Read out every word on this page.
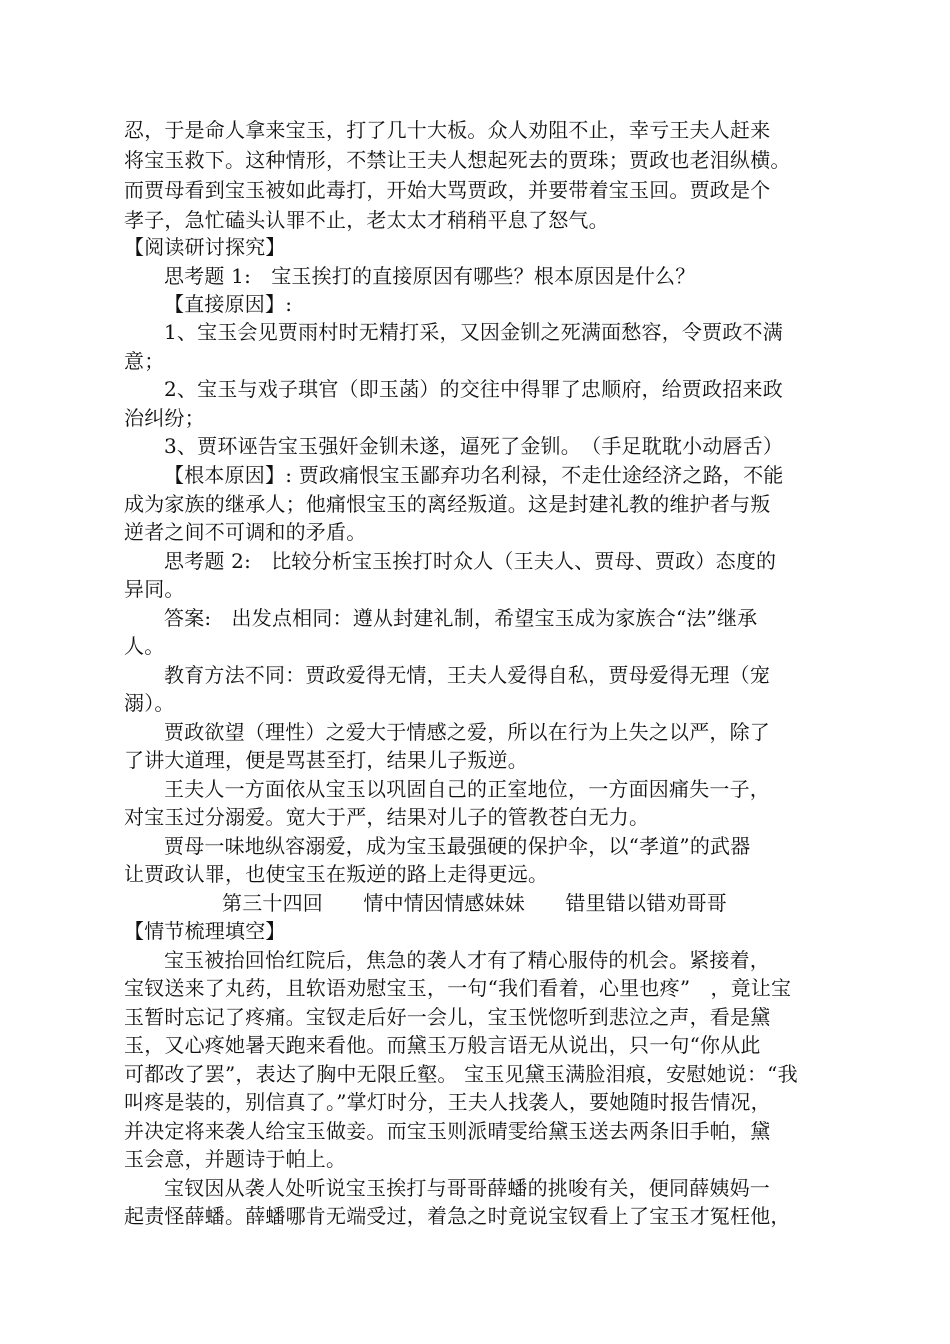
忍，于是命人拿来宝玉，打了几十大板。众人劝阻不止，幸亏王夫人赶来
将宝玉救下。这种情形，不禁让王夫人想起死去的贾珠；贾政也老泪纵横。
而贾母看到宝玉被如此毒打，开始大骂贾政，并要带着宝玉回。贾政是个
孝子，急忙磕头认罪不止，老太太才稍稍平息了怒气。
【阅读研讨探究】
思考题 1:　宝玉挨打的直接原因有哪些？根本原因是什么？
【直接原因】:
1、宝玉会见贾雨村时无精打采，又因金钏之死满面愁容，令贾政不满
意；
2、宝玉与戏子琪官（即玉菡）的交往中得罪了忠顺府，给贾政招来政
治纠纷；
3、贾环诬告宝玉强奸金钏未遂，逼死了金钏。　（手足耽耽小动唇舌）
【根本原因】: 贾政痛恨宝玉鄙弃功名利禄，不走仕途经济之路，不能
成为家族的继承人；他痛恨宝玉的离经叛道。这是封建礼教的维护者与叛
逆者之间不可调和的矛盾。
思考题 2:　比较分析宝玉挨打时众人（王夫人、贾母、贾政）态度的
异同。
答案:　出发点相同：遵从封建礼制，希望宝玉成为家族合“法”继承
人。
教育方法不同：贾政爱得无情，王夫人爱得自私，贾母爱得无理（宠
溺）。
贾政欲望（理性）之爱大于情感之爱，所以在行为上失之以严，除了
了讲大道理，便是骂甚至打，结果儿子叛逆。
王夫人一方面依从宝玉以巩固自己的正室地位，一方面因痛失一子，
对宝玉过分溺爱。宽大于严，结果对儿子的管教苍白无力。
贾母一味地纵容溺爱，成为宝玉最强硬的保护伞，以“孝道”的武器
让贾政认罪，也使宝玉在叛逆的路上走得更远。
第三十四回　　情中情因情感妹妹　　错里错以错劝哥哥
【情节梳理填空】
宝玉被抬回怡红院后，焦急的袭人才有了精心服侍的机会。紧接着，
宝钗送来了丸药，且软语劝慰宝玉，一句“我们看着，心里也疼”　，竟让宝
玉暂时忘记了疼痛。宝钗走后好一会儿，宝玉恍惚听到悲泣之声，看是黛
玉，又心疼她暑天跑来看他。而黛玉万般言语无从说出，只一句“你从此
可都改了罢”，表达了胸中无限丘壑。 宝玉见黛玉满脸泪痕，安慰她说：“我
叫疼是装的，别信真了。”掌灯时分，王夫人找袭人，要她随时报告情况，
并决定将来袭人给宝玉做妾。而宝玉则派晴雯给黛玉送去两条旧手帕，黛
玉会意，并题诗于帕上。
宝钗因从袭人处听说宝玉挨打与哥哥薛蟠的挑唆有关，便同薛姨妈一
起责怪薛蟠。薛蟠哪肯无端受过，着急之时竟说宝钗看上了宝玉才冤枉他，
